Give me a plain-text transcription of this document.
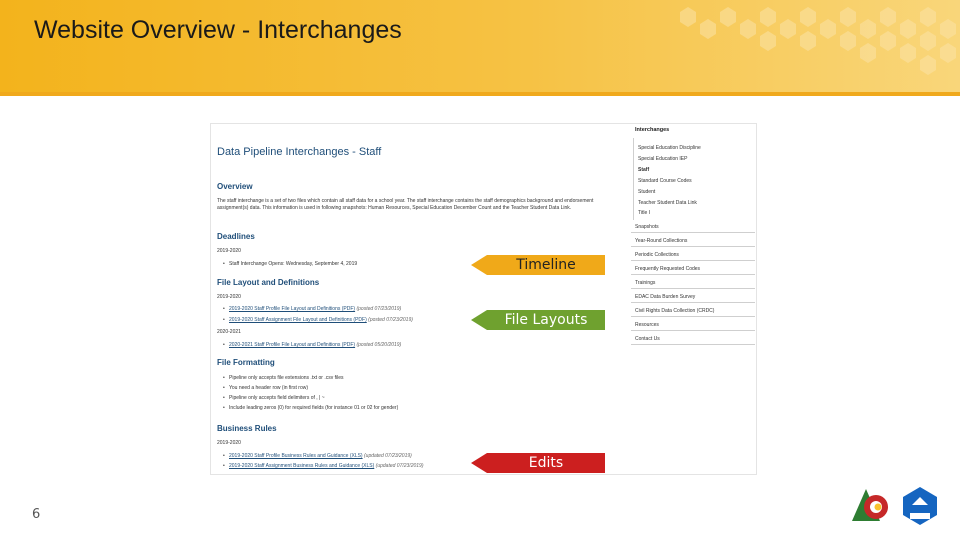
Website Overview - Interchanges
Data Pipeline Interchanges - Staff
Overview
The staff interchange is a set of two files which contain all staff data for a school year. The staff interchange contains the staff demographics background and endorsement assignment(s) data. This information is used in following snapshots: Human Resources, Special Education December Count and the Teacher Student Data Link.
Deadlines
2019-2020
• Staff Interchange Opens: Wednesday, September 4, 2019
File Layout and Definitions
2019-2020
• 2019-2020 Staff Profile File Layout and Definitions (PDF) (posted 07/23/2019)
• 2019-2020 Staff Assignment File Layout and Definitions (PDF) (posted 07/23/2019)
2020-2021
• 2020-2021 Staff Profile File Layout and Definitions (PDF) (posted 05/20/2019)
File Formatting
• Pipeline only accepts file extensions .txt or .csv files
• You need a header row (in first row)
• Pipeline only accepts field delimiters of , | ~
• Include leading zeros (0) for required fields (for instance 01 or 02 for gender)
Business Rules
2019-2020
• 2019-2020 Staff Profile Business Rules and Guidance (XLS) (updated 07/23/2019)
• 2019-2020 Staff Assignment Business Rules and Guidance (XLS) (updated 07/23/2019)
Interchanges
Special Education Discipline
Special Education IEP
Staff
Standard Course Codes
Student
Teacher Student Data Link
Title I
Snapshots
Year-Round Collections
Periodic Collections
Frequently Requested Codes
Trainings
EDAC Data Burden Survey
Civil Rights Data Collection (CRDC)
Resources
Contact Us
Timeline
File Layouts
Edits
6
